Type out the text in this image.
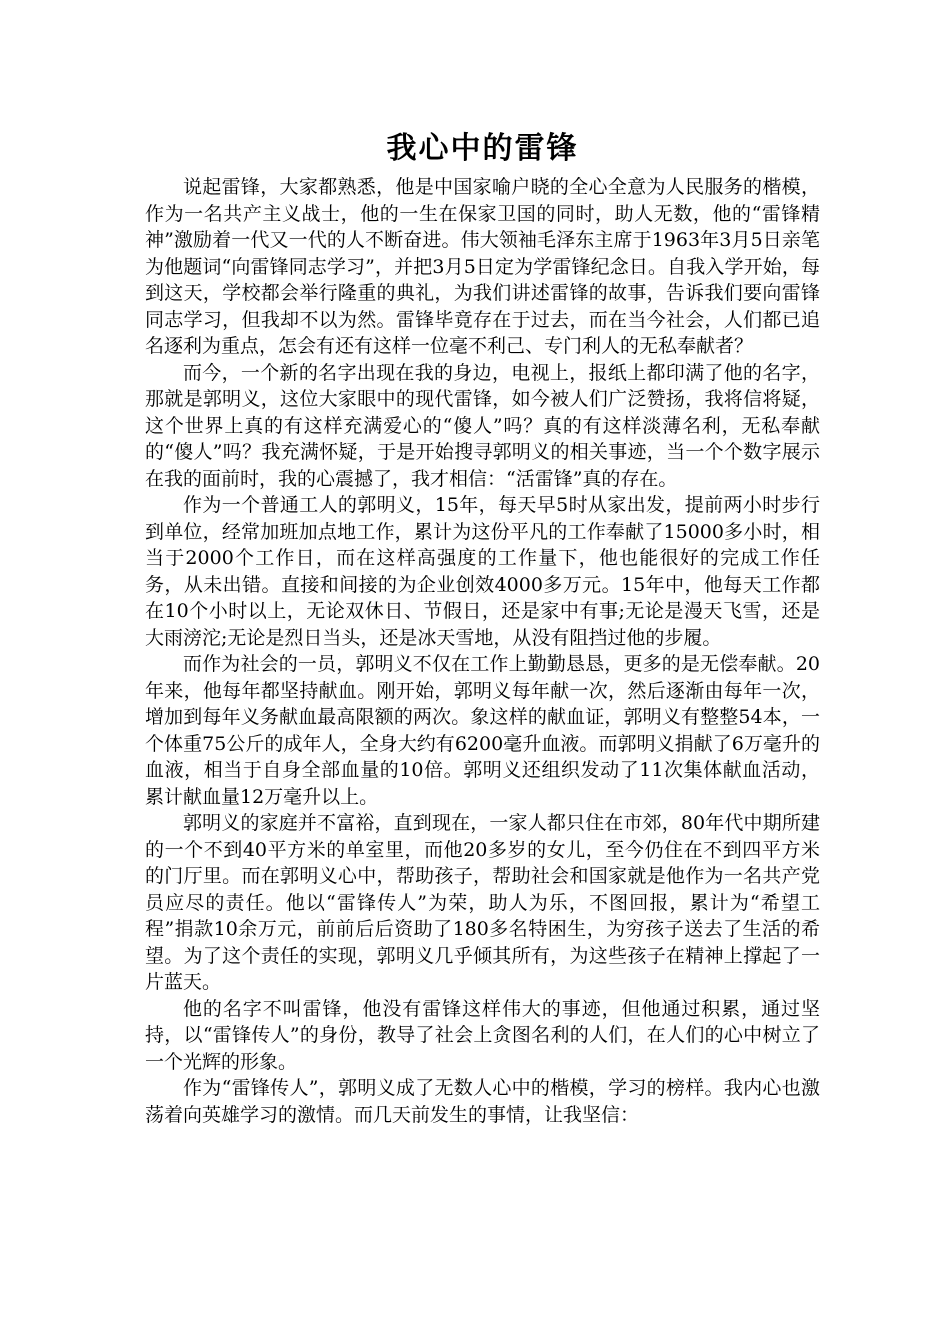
我心中的雷锋

说起雷锋，大家都熟悉，他是中国家喻户晓的全心全意为人民服务的楷模，作为一名共产主义战士，他的一生在保家卫国的同时，助人无数，他的“雷锋精神”激励着一代又一代的人不断奋进。伟大领袖毛泽东主席于1963年3月5日亲笔为他题词“向雷锋同志学习”，并把3月5日定为学雷锋纪念日。自我入学开始，每到这天，学校都会举行隆重的典礼，为我们讲述雷锋的故事，告诉我们要向雷锋同志学习，但我却不以为然。雷锋毕竟存在于过去，而在当今社会，人们都已追名逐利为重点，怎会有还有这样一位毫不利己、专门利人的无私奉献者？

而今，一个新的名字出现在我的身边，电视上，报纸上都印满了他的名字，那就是郭明义，这位大家眼中的现代雷锋，如今被人们广泛赞扬，我将信将疑，这个世界上真的有这样充满爱心的“傻人”吗？真的有这样淡薄名利，无私奉献的“傻人”吗？我充满怀疑，于是开始搜寻郭明义的相关事迹，当一个个数字展示在我的面前时，我的心震撼了，我才相信：“活雷锋”真的存在。

作为一个普通工人的郭明义，15年，每天早5时从家出发，提前两小时步行到单位，经常加班加点地工作，累计为这份平凡的工作奉献了15000多小时，相当于2000个工作日，而在这样高强度的工作量下，他也能很好的完成工作任务，从未出错。直接和间接的为企业创效4000多万元。15年中，他每天工作都在10个小时以上，无论双休日、节假日，还是家中有事;无论是漫天飞雪，还是大雨滂沱;无论是烈日当头，还是冰天雪地，从没有阻挡过他的步履。

而作为社会的一员，郭明义不仅在工作上勤勤恳恳，更多的是无偿奉献。20年来，他每年都坚持献血。刚开始，郭明义每年献一次，然后逐渐由每年一次，增加到每年义务献血最高限额的两次。象这样的献血证，郭明义有整整54本，一个体重75公斤的成年人，全身大约有6200毫升血液。而郭明义捐献了6万毫升的血液，相当于自身全部血量的10倍。郭明义还组织发动了11次集体献血活动，累计献血量12万毫升以上。

郭明义的家庭并不富裕，直到现在，一家人都只住在市郊，80年代中期所建的一个不到40平方米的单室里，而他20多岁的女儿，至今仍住在不到四平方米的门厅里。而在郭明义心中，帮助孩子，帮助社会和国家就是他作为一名共产党员应尽的责任。他以“雷锋传人”为荣，助人为乐，不图回报，累计为“希望工程”捐款10余万元，前前后后资助了180多名特困生，为穷孩子送去了生活的希望。为了这个责任的实现，郭明义几乎倾其所有，为这些孩子在精神上撑起了一片蓝天。

他的名字不叫雷锋，他没有雷锋这样伟大的事迹，但他通过积累，通过坚持，以“雷锋传人”的身份，教导了社会上贪图名利的人们，在人们的心中树立了一个光辉的形象。

作为“雷锋传人”，郭明义成了无数人心中的楷模，学习的榜样。我内心也激荡着向英雄学习的激情。而几天前发生的事情，让我坚信：
